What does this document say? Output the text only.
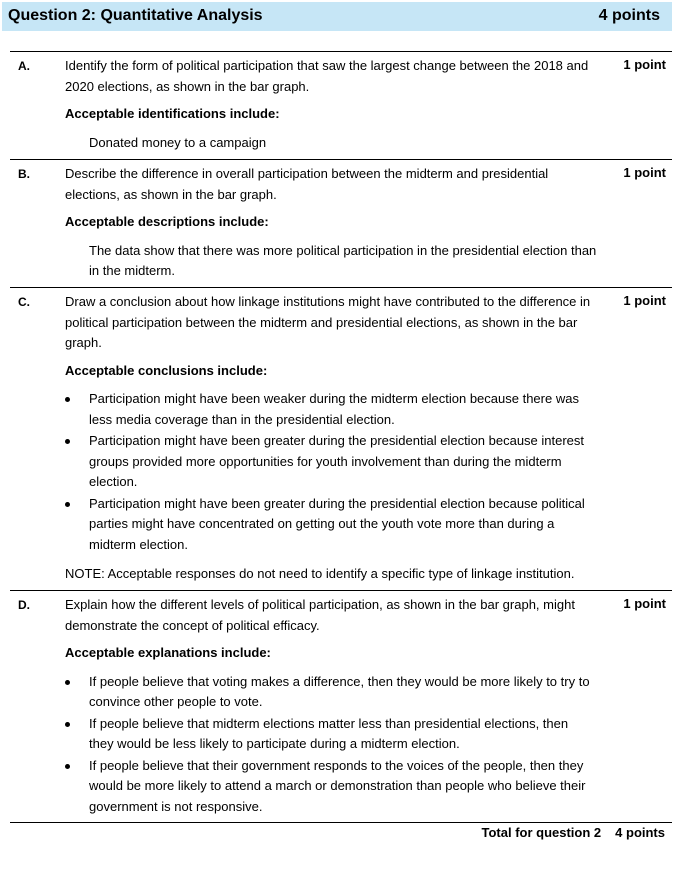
Question 2: Quantitative Analysis	4 points
A.	1 point

Identify the form of political participation that saw the largest change between the 2018 and 2020 elections, as shown in the bar graph.

Acceptable identifications include:

Donated money to a campaign

B.	1 point

Describe the difference in overall participation between the midterm and presidential elections, as shown in the bar graph.

Acceptable descriptions include:

The data show that there was more political participation in the presidential election than in the midterm.

C.	1 point

Draw a conclusion about how linkage institutions might have contributed to the difference in political participation between the midterm and presidential elections, as shown in the bar graph.

Acceptable conclusions include:

Participation might have been weaker during the midterm election because there was less media coverage than in the presidential election.
Participation might have been greater during the presidential election because interest groups provided more opportunities for youth involvement than during the midterm election.
Participation might have been greater during the presidential election because political parties might have concentrated on getting out the youth vote more than during a midterm election.

NOTE: Acceptable responses do not need to identify a specific type of linkage institution.

D.	1 point

Explain how the different levels of political participation, as shown in the bar graph, might demonstrate the concept of political efficacy.

Acceptable explanations include:

If people believe that voting makes a difference, then they would be more likely to try to convince other people to vote.
If people believe that midterm elections matter less than presidential elections, then they would be less likely to participate during a midterm election.
If people believe that their government responds to the voices of the people, then they would be more likely to attend a march or demonstration than people who believe their government is not responsive.
Total for question 2 4 points
